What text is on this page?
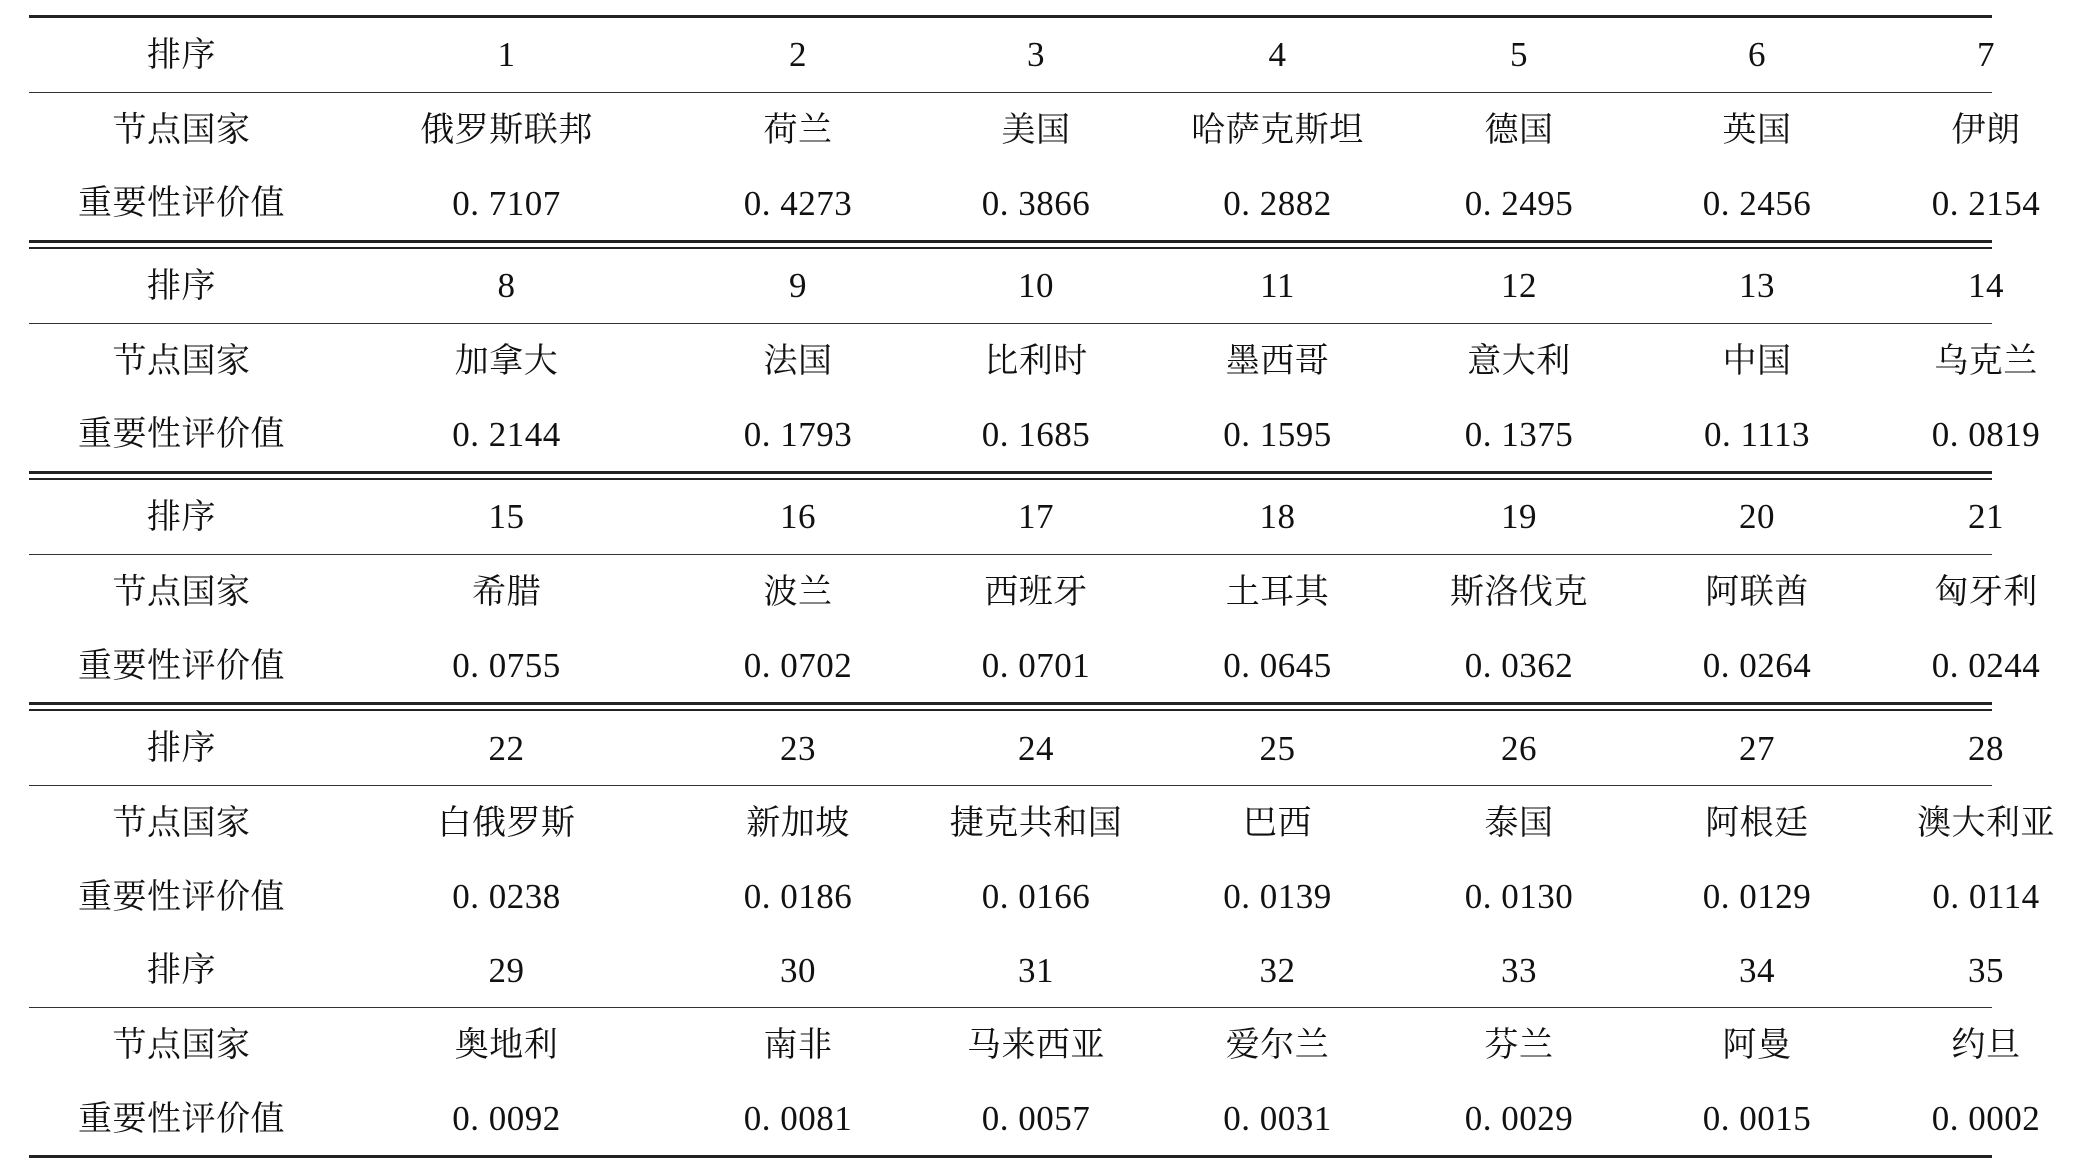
排序	1	2	3	4	5	6	7
节点国家	俄罗斯联邦	荷兰	美国	哈萨克斯坦	德国	英国	伊朗
重要性评价值	0. 7107	0. 4273	0. 3866	0. 2882	0. 2495	0. 2456	0. 2154
排序	8	9	10	11	12	13	14
节点国家	加拿大	法国	比利时	墨西哥	意大利	中国	乌克兰
重要性评价值	0. 2144	0. 1793	0. 1685	0. 1595	0. 1375	0. 1113	0. 0819
排序	15	16	17	18	19	20	21
节点国家	希腊	波兰	西班牙	土耳其	斯洛伐克	阿联酋	匈牙利
重要性评价值	0. 0755	0. 0702	0. 0701	0. 0645	0. 0362	0. 0264	0. 0244
排序	22	23	24	25	26	27	28
节点国家	白俄罗斯	新加坡	捷克共和国	巴西	泰国	阿根廷	澳大利亚
重要性评价值	0. 0238	0. 0186	0. 0166	0. 0139	0. 0130	0. 0129	0. 0114
排序	29	30	31	32	33	34	35
节点国家	奥地利	南非	马来西亚	爱尔兰	芬兰	阿曼	约旦
重要性评价值	0. 0092	0. 0081	0. 0057	0. 0031	0. 0029	0. 0015	0. 0002
